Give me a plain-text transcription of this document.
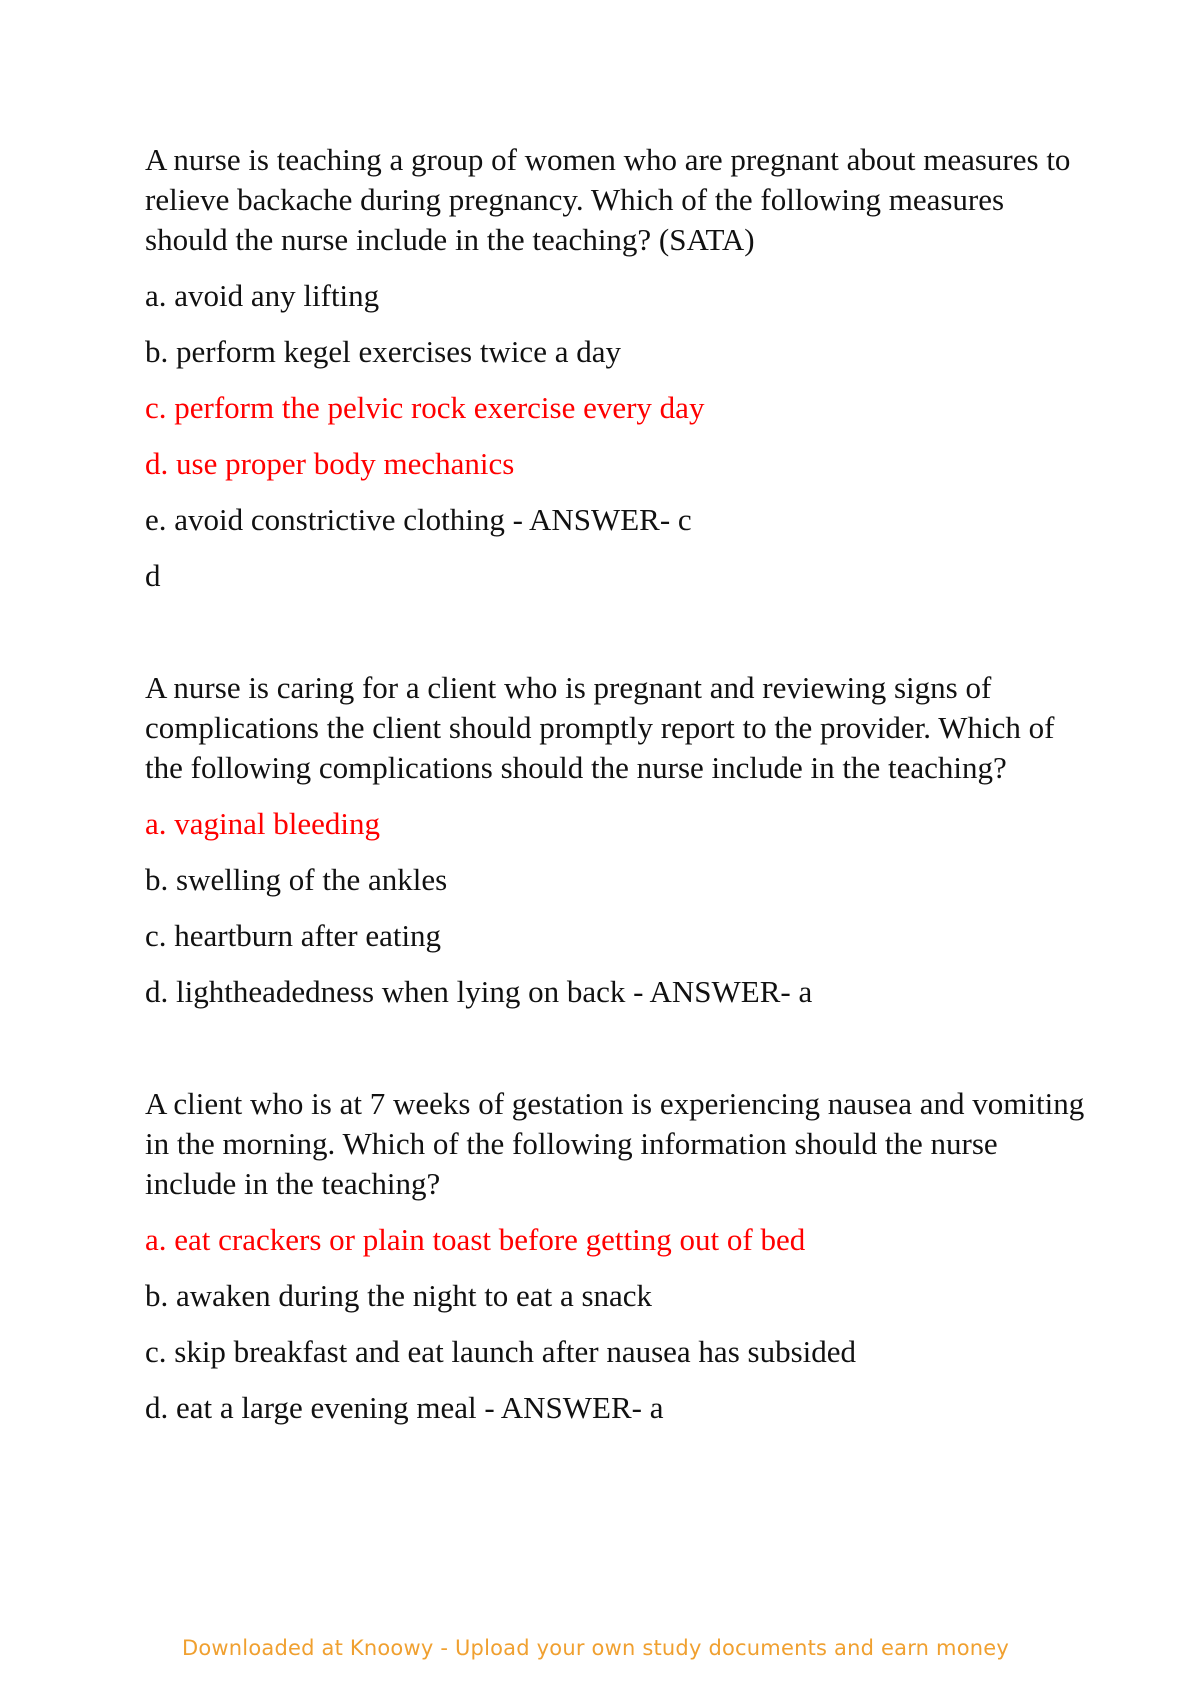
A nurse is teaching a group of women who are pregnant about measures to relieve backache during pregnancy. Which of the following measures should the nurse include in the teaching? (SATA)

a. avoid any lifting

b. perform kegel exercises twice a day

c. perform the pelvic rock exercise every day

d. use proper body mechanics

e. avoid constrictive clothing - ANSWER- c

d

A nurse is caring for a client who is pregnant and reviewing signs of complications the client should promptly report to the provider. Which of the following complications should the nurse include in the teaching?

a. vaginal bleeding

b. swelling of the ankles

c. heartburn after eating

d. lightheadedness when lying on back - ANSWER- a

A client who is at 7 weeks of gestation is experiencing nausea and vomiting in the morning. Which of the following information should the nurse include in the teaching?

a. eat crackers or plain toast before getting out of bed

b. awaken during the night to eat a snack

c. skip breakfast and eat launch after nausea has subsided

d. eat a large evening meal - ANSWER- a

Downloaded at Knoowy - Upload your own study documents and earn money
